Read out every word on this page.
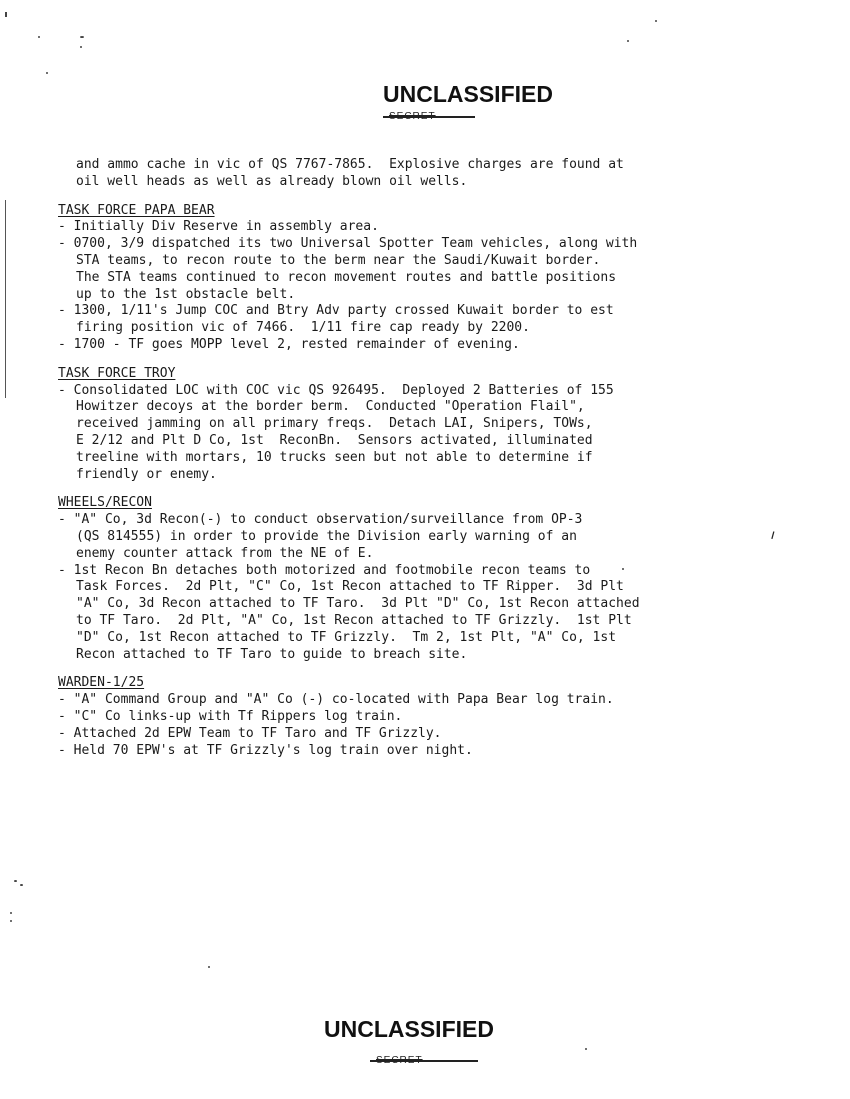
ı
UNCLASSIFIED
SECRET
and ammo cache in vic of QS 7767-7865.  Explosive charges are found at
oil well heads as well as already blown oil wells.
TASK FORCE PAPA BEAR
- Initially Div Reserve in assembly area.
- 0700, 3/9 dispatched its two Universal Spotter Team vehicles, along with
STA teams, to recon route to the berm near the Saudi/Kuwait border.
The STA teams continued to recon movement routes and battle positions
up to the 1st obstacle belt.
- 1300, 1/11's Jump COC and Btry Adv party crossed Kuwait border to est
firing position vic of 7466.  1/11 fire cap ready by 2200.
- 1700 - TF goes MOPP level 2, rested remainder of evening.
TASK FORCE TROY
- Consolidated LOC with COC vic QS 926495.  Deployed 2 Batteries of 155
Howitzer decoys at the border berm.  Conducted "Operation Flail",
received jamming on all primary freqs.  Detach LAI, Snipers, TOWs,
E 2/12 and Plt D Co, 1st  ReconBn.  Sensors activated, illuminated
treeline with mortars, 10 trucks seen but not able to determine if
friendly or enemy.
WHEELS/RECON
- "A" Co, 3d Recon(-) to conduct observation/surveillance from OP-3
(QS 814555) in order to provide the Division early warning of an
enemy counter attack from the NE of E.
- 1st Recon Bn detaches both motorized and footmobile recon teams to
Task Forces.  2d Plt, "C" Co, 1st Recon attached to TF Ripper.  3d Plt
"A" Co, 3d Recon attached to TF Taro.  3d Plt "D" Co, 1st Recon attached
to TF Taro.  2d Plt, "A" Co, 1st Recon attached to TF Grizzly.  1st Plt
"D" Co, 1st Recon attached to TF Grizzly.  Tm 2, 1st Plt, "A" Co, 1st
Recon attached to TF Taro to guide to breach site.
WARDEN-1/25
- "A" Command Group and "A" Co (-) co-located with Papa Bear log train.
- "C" Co links-up with Tf Rippers log train.
- Attached 2d EPW Team to TF Taro and TF Grizzly.
- Held 70 EPW's at TF Grizzly's log train over night.
UNCLASSIFIED
SECRET
